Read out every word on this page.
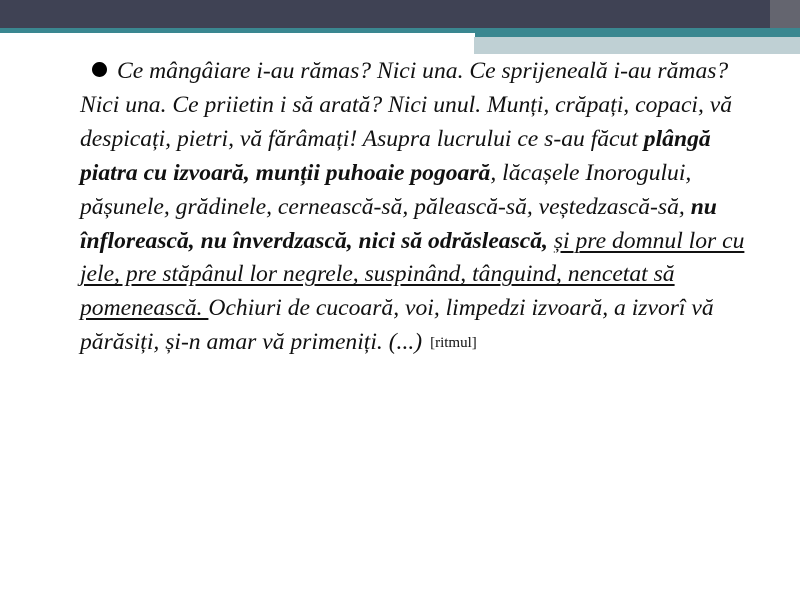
Ce mângâiare i-au rămas? Nici una. Ce sprijeneală i-au rămas? Nici una. Ce priietin i să arată? Nici unul. Munți, crăpați, copaci, vă despicați, pietri, vă fărâmați! Asupra lucrului ce s-au făcut plângă piatra cu izvoară, munții puhoaie pogoară, lăcașele Inorogului, pășunele, grădinele, cernească-să, pălească-să, veștedzască-să, nu înflorească, nu înverdzască, nici să odrăslească, și pre domnul lor cu jele, pre stăpânul lor negrele, suspinând, tânguind, nencetat să pomenească. Ochiuri de cucoară, voi, limpedzi izvoară, a izvorî vă părăsiți, și-n amar vă primeniți. (...) [ritmul]
